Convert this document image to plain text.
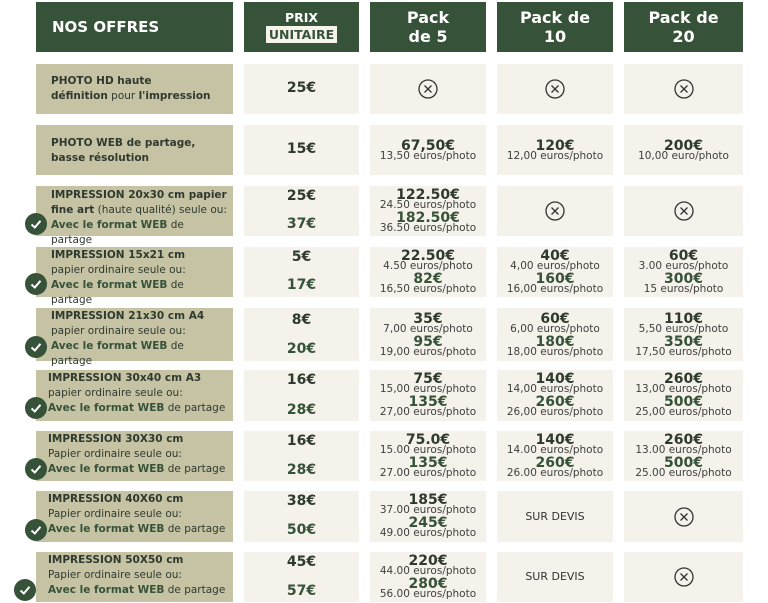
NOS OFFRES
PRIX
UNITAIRE
Pack
de 5
Pack de
10
Pack de
20
PHOTO HD haute
définition pour l'impression	25€
PHOTO WEB de partage,
basse résolution
15€	67,50€
13,50 euros/photo
120€
12,00 euros/photo
200€
10,00 euro/photo
IMPRESSION 20x30 cm papier
fine art (haute qualité) seule ou:
Avec le format WEB de partage
25€
37€
122.50€
24.50 euros/photo
182.50€
36.50 euros/photo
IMPRESSION 15x21 cm
papier ordinaire seule ou:
Avec le format WEB de partage
5€
17€
22.50€
4.50 euros/photo
82€
16,50 euros/photo
40€
4,00 euros/photo
160€
16,00 euros/photo
60€
3.00 euros/photo
300€
15 euros/photo
IMPRESSION 21x30 cm A4
papier ordinaire seule ou:
Avec le format WEB de partage
8€
20€
35€
7,00 euros/photo
95€
19,00 euros/photo
60€
6,00 euros/photo
180€
18,00 euros/photo
110€
5,50 euros/photo
350€
17,50 euros/photo
IMPRESSION 30x40 cm A3
papier ordinaire seule ou:
Avec le format WEB de partage
16€
28€
75€
15,00 euros/photo
135€
27,00 euros/photo
140€
14,00 euros/photo
260€
26,00 euros/photo
260€
13,00 euros/photo
500€
25,00 euros/photo
IMPRESSION 30X30 cm
Papier ordinaire seule ou:
Avec le format WEB de partage
16€
28€
75.0€
15.00 euros/photo
135€
27.00 euros/photo
140€
14.00 euros/photo
260€
26.00 euros/photo
260€
13.00 euros/photo
500€
25.00 euros/photo
IMPRESSION 40X60 cm
Papier ordinaire seule ou:
Avec le format WEB de partage
38€
50€
185€
37.00 euros/photo
245€
49.00 euros/photo
SUR DEVIS
IMPRESSION 50X50 cm
Papier ordinaire seule ou:
Avec le format WEB de partage
45€
57€
220€
44.00 euros/photo
280€
56.00 euros/photo
SUR DEVIS
